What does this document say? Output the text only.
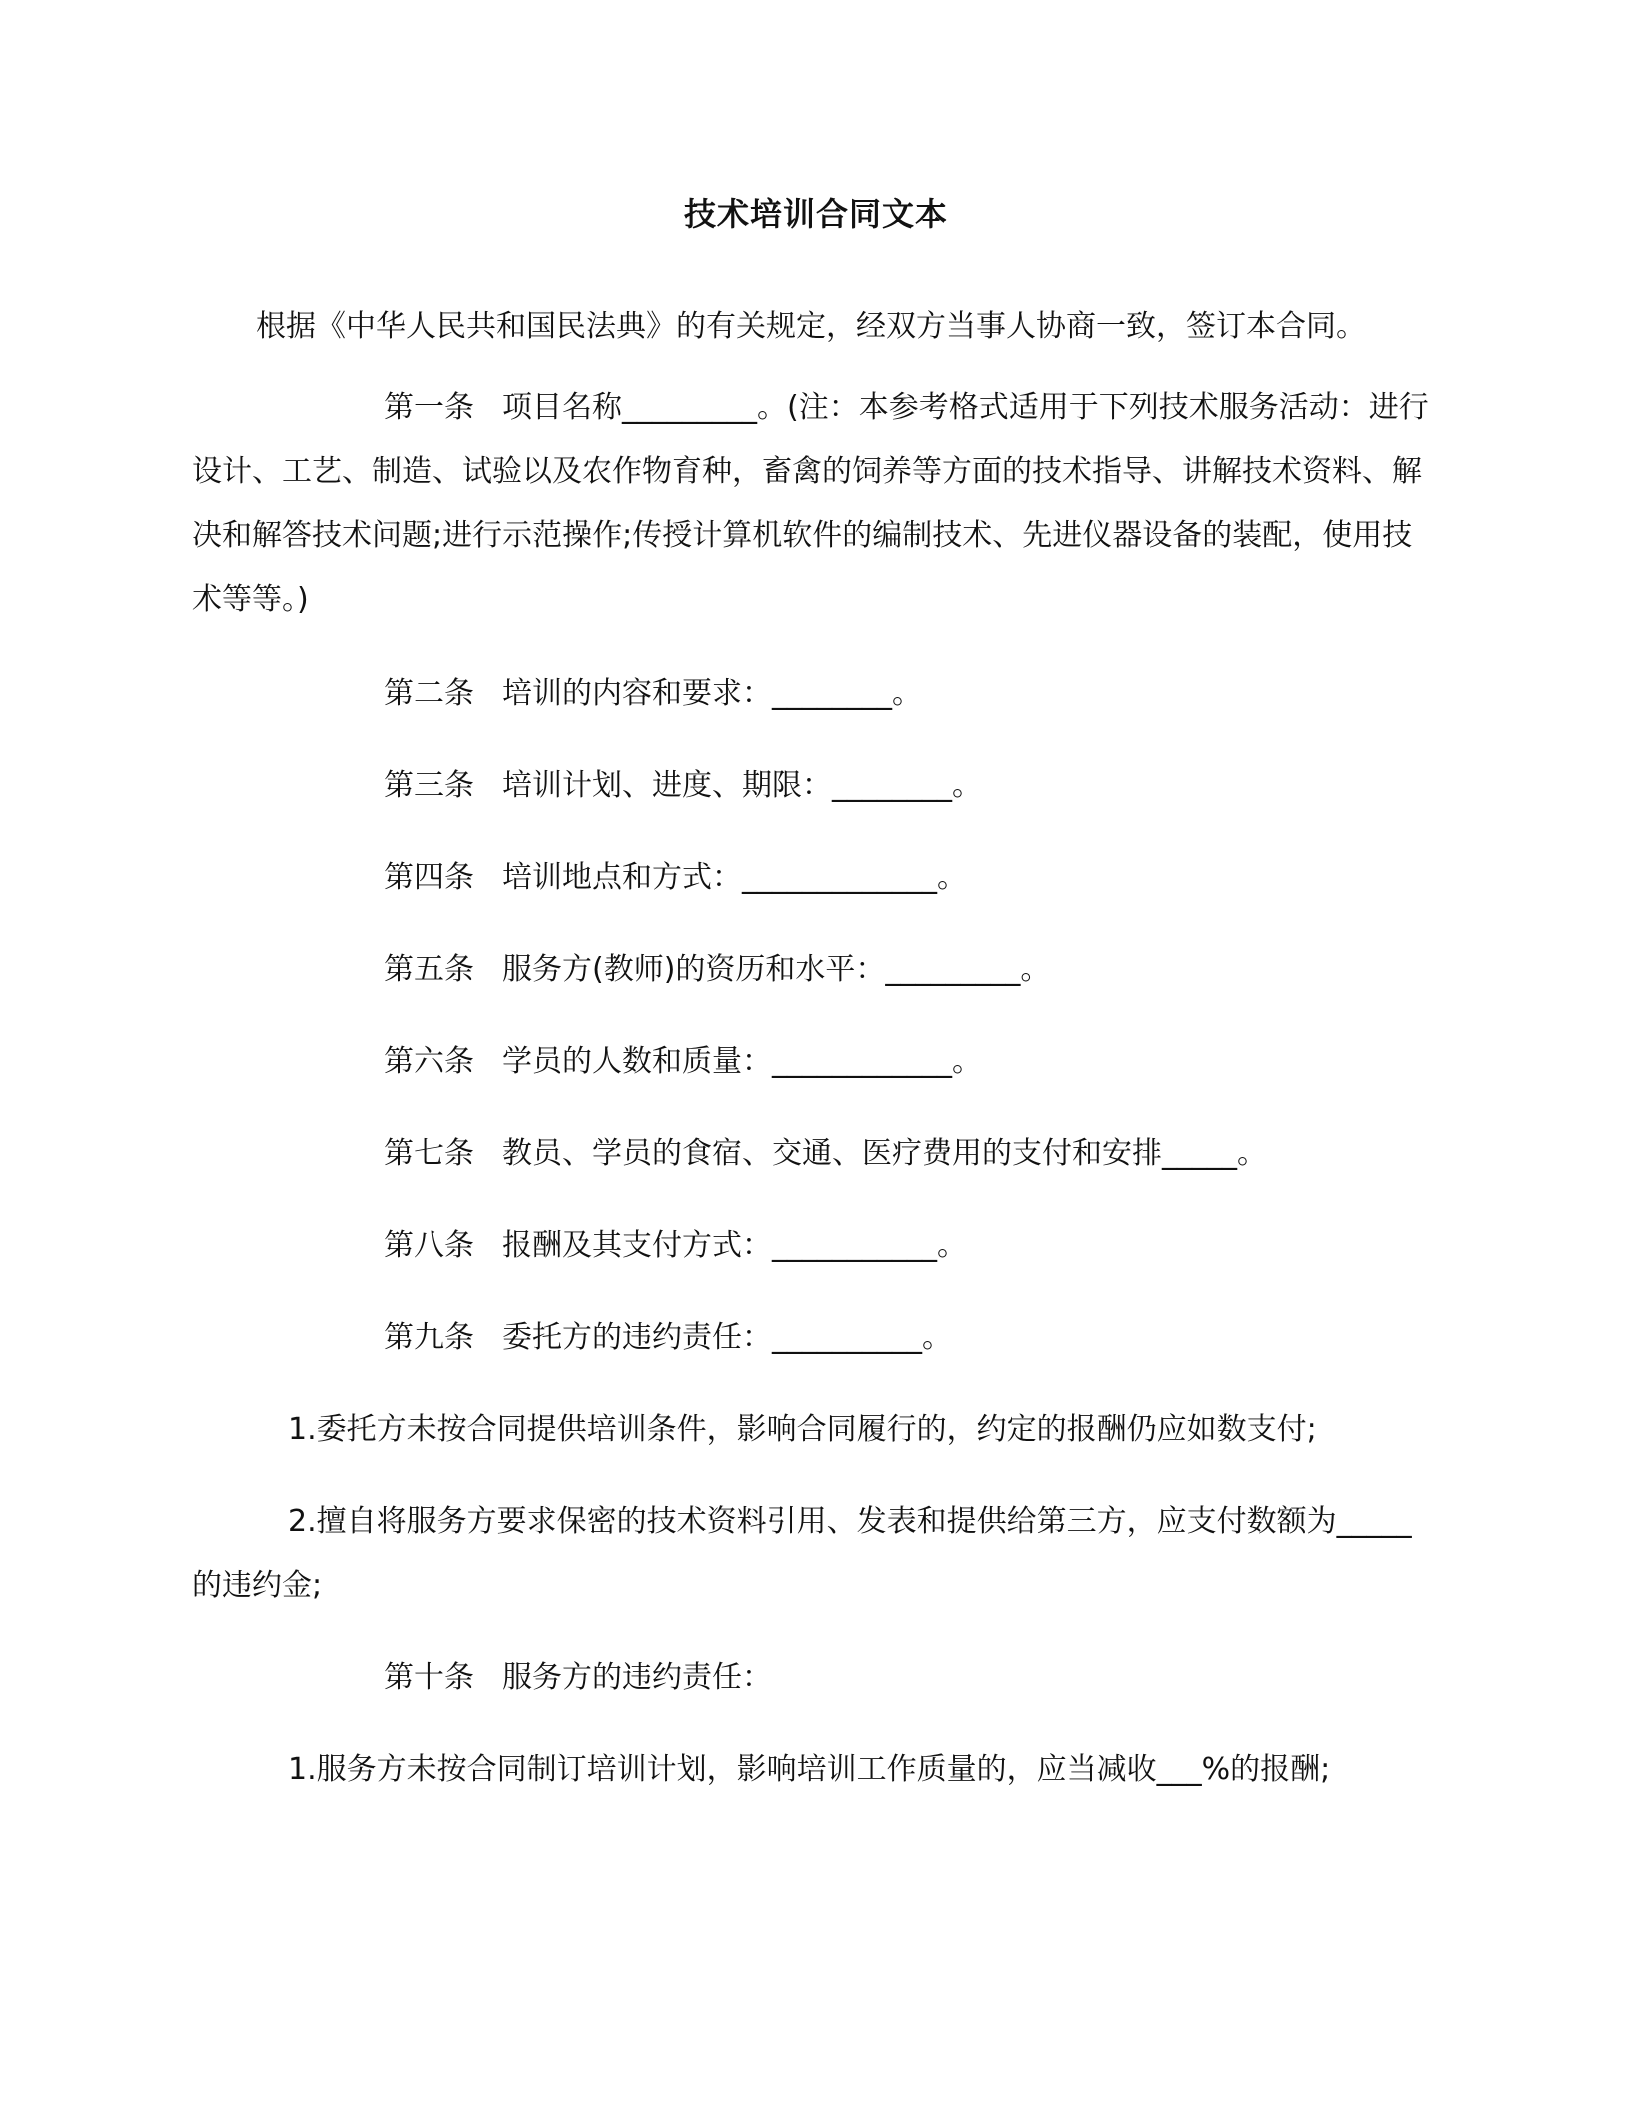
技术培训合同文本
根据《中华人民共和国民法典》的有关规定，经双方当事人协商一致，签订本合同。
第一条 项目名称_________。(注：本参考格式适用于下列技术服务活动：进行设计、工艺、制造、试验以及农作物育种，畜禽的饲养等方面的技术指导、讲解技术资料、解决和解答技术问题;进行示范操作;传授计算机软件的编制技术、先进仪器设备的装配，使用技术等等。)
第二条 培训的内容和要求：________。
第三条 培训计划、进度、期限：________。
第四条 培训地点和方式：_____________。
第五条 服务方(教师)的资历和水平：_________。
第六条 学员的人数和质量：____________。
第七条 教员、学员的食宿、交通、医疗费用的支付和安排_____。
第八条 报酬及其支付方式：___________。
第九条 委托方的违约责任：__________。
1.委托方未按合同提供培训条件，影响合同履行的，约定的报酬仍应如数支付;
2.擅自将服务方要求保密的技术资料引用、发表和提供给第三方，应支付数额为_____的违约金;
第十条 服务方的违约责任：
1.服务方未按合同制订培训计划，影响培训工作质量的，应当减收___%的报酬;
